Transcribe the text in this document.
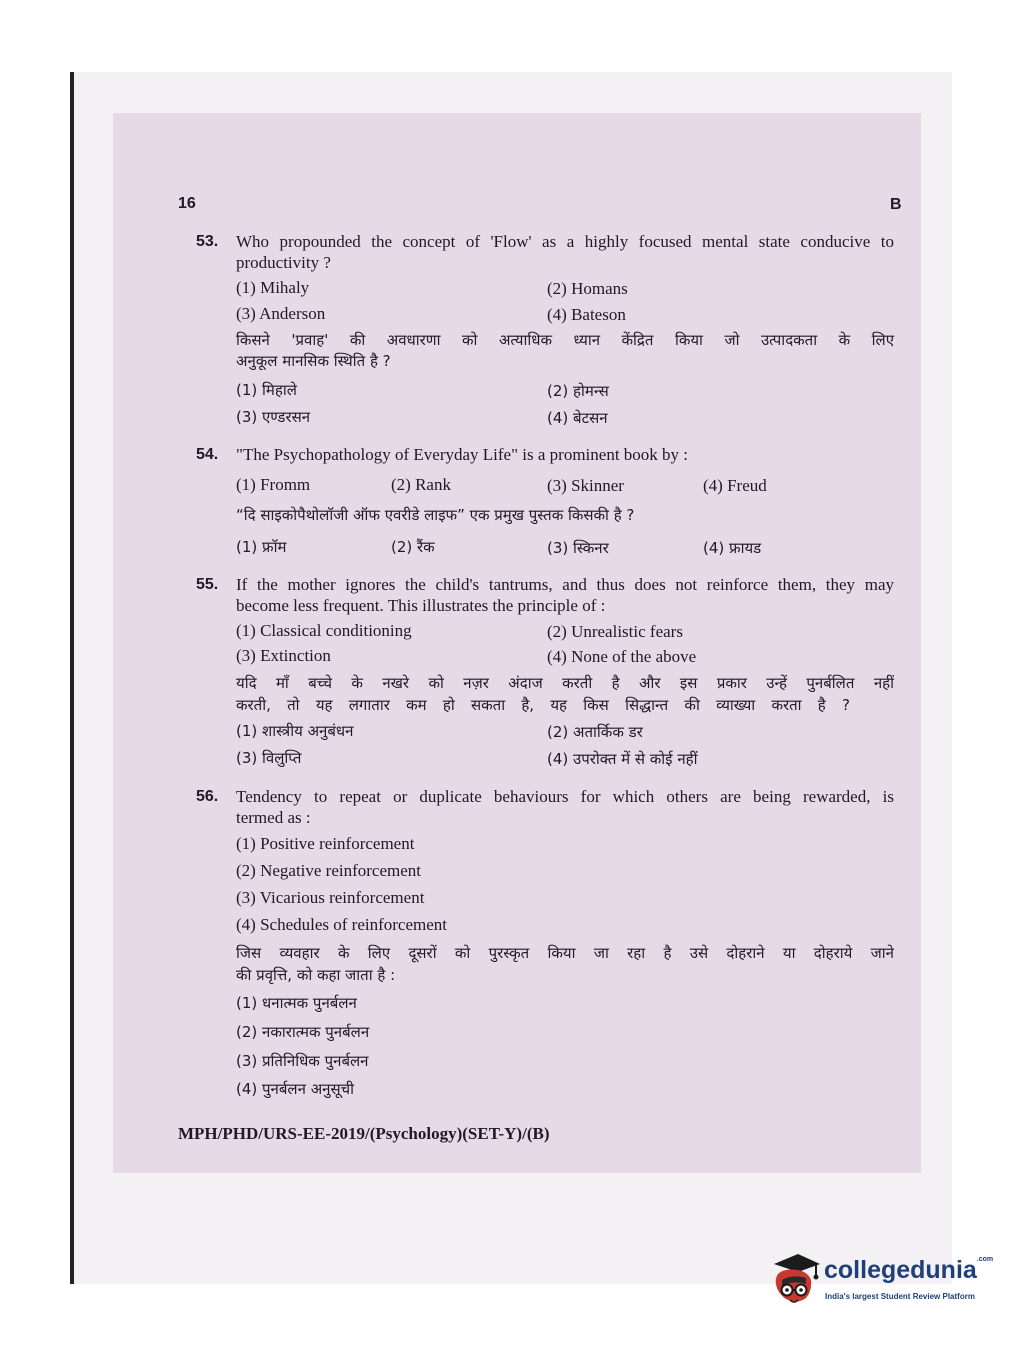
16	B
53. Who propounded the concept of 'Flow' as a highly focused mental state conducive to
productivity ?
(1) Mihaly	(2) Homans
(3) Anderson	(4) Bateson
किसने 'प्रवाह' की अवधारणा को अत्याधिक ध्यान केंद्रित किया जो उत्पादकता के लिए
अनुकूल मानसिक स्थिति है ?
(1) मिहाले	(2) होमन्स
(3) एण्डरसन	(4) बेटसन
54. "The Psychopathology of Everyday Life" is a prominent book by :
(1) Fromm	(2) Rank	(3) Skinner	(4) Freud
“दि साइकोपैथोलॉजी ऑफ एवरीडे लाइफ” एक प्रमुख पुस्तक किसकी है ?
(1) फ्रॉम	(2) रैंक	(3) स्किनर	(4) फ्रायड
55. If the mother ignores the child's tantrums, and thus does not reinforce them, they may
become less frequent. This illustrates the principle of :
(1) Classical conditioning	(2) Unrealistic fears
(3) Extinction	(4) None of the above
यदि माँ बच्चे के नखरे को नज़र अंदाज करती है और इस प्रकार उन्हें पुनर्बलित नहीं
करती, तो यह लगातार कम हो सकता है, यह किस सिद्धान्त की व्याख्या करता है ?
(1) शास्त्रीय अनुबंधन	(2) अतार्किक डर
(3) विलुप्ति	(4) उपरोक्त में से कोई नहीं
56. Tendency to repeat or duplicate behaviours for which others are being rewarded, is
termed as :
(1) Positive reinforcement
(2) Negative reinforcement
(3) Vicarious reinforcement
(4) Schedules of reinforcement
जिस व्यवहार के लिए दूसरों को पुरस्कृत किया जा रहा है उसे दोहराने या दोहराये जाने
की प्रवृत्ति, को कहा जाता है :
(1) धनात्मक पुनर्बलन
(2) नकारात्मक पुनर्बलन
(3) प्रतिनिधिक पुनर्बलन
(4) पुनर्बलन अनुसूची
MPH/PHD/URS-EE-2019/(Psychology)(SET-Y)/(B)
collegedunia$^{.com}$
India's largest Student Review Platform
